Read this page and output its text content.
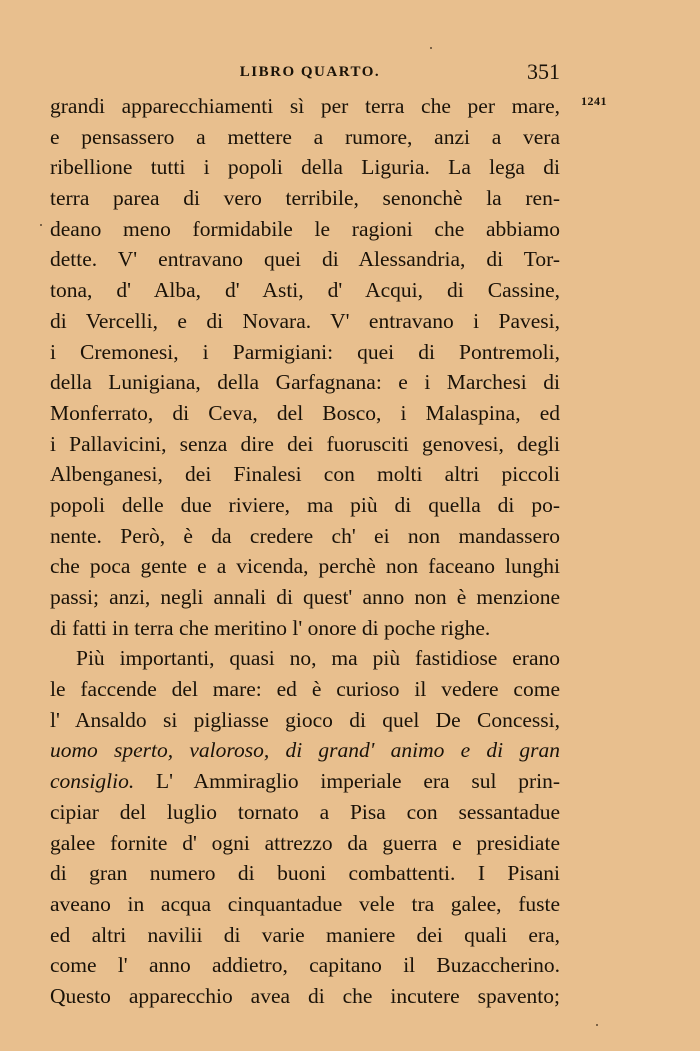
LIBRO QUARTO.	351
1241
grandi apparecchiamenti sì per terra che per mare,
e pensassero a mettere a rumore, anzi a vera
ribellione tutti i popoli della Liguria. La lega di
terra parea di vero terribile, senonchè la ren-
deano meno formidabile le ragioni che abbiamo
dette. V' entravano quei di Alessandria, di Tor-
tona, d' Alba, d' Asti, d' Acqui, di Cassine,
di Vercelli, e di Novara. V' entravano i Pavesi,
i Cremonesi, i Parmigiani: quei di Pontremoli,
della Lunigiana, della Garfagnana: e i Marchesi di
Monferrato, di Ceva, del Bosco, i Malaspina, ed
i Pallavicini, senza dire dei fuorusciti genovesi, degli
Albenganesi, dei Finalesi con molti altri piccoli
popoli delle due riviere, ma più di quella di po-
nente. Però, è da credere ch' ei non mandassero
che poca gente e a vicenda, perchè non faceano lunghi
passi; anzi, negli annali di quest' anno non è menzione
di fatti in terra che meritino l' onore di poche righe.
Più importanti, quasi no, ma più fastidiose erano
le faccende del mare: ed è curioso il vedere come
l' Ansaldo si pigliasse gioco di quel De Concessi,
uomo sperto, valoroso, di grand' animo e di gran
consiglio. L' Ammiraglio imperiale era sul prin-
cipiar del luglio tornato a Pisa con sessantadue
galee fornite d' ogni attrezzo da guerra e presidiate
di gran numero di buoni combattenti. I Pisani
aveano in acqua cinquantadue vele tra galee, fuste
ed altri navilii di varie maniere dei quali era,
come l' anno addietro, capitano il Buzaccherino.
Questo apparecchio avea di che incutere spavento;
